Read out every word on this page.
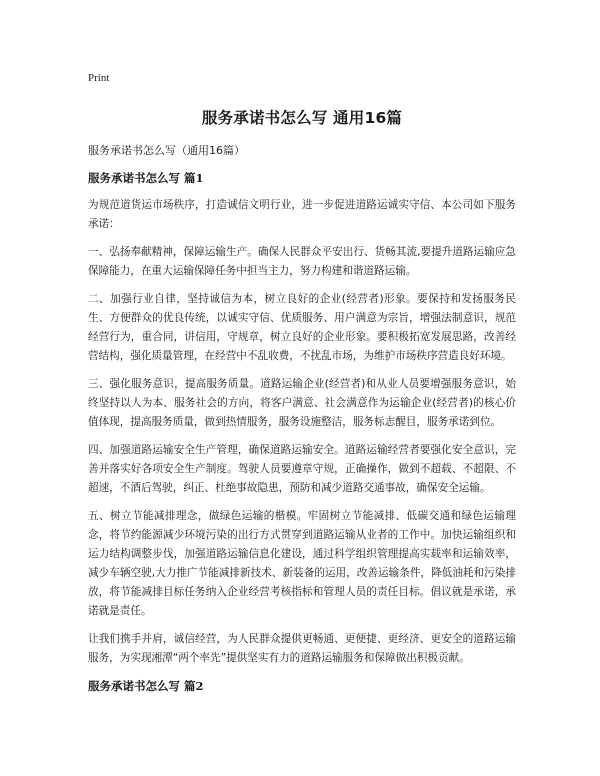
Print
服务承诺书怎么写 通用16篇

服务承诺书怎么写（通用16篇）

服务承诺书怎么写 篇1

为规范道货运市场秩序，打造诚信文明行业，进一步促进道路运诚实守信、本公司如下服务承诺：

一、弘扬奉献精神，保障运输生产。确保人民群众平安出行、货畅其流,要提升道路运输应急保障能力，在重大运输保障任务中担当主力，努力构建和谐道路运输。

二、加强行业自律，坚持诚信为本，树立良好的企业(经营者)形象。要保持和发扬服务民生、方便群众的优良传统，以诚实守信、优质服务、用户满意为宗旨，增强法制意识，规范经营行为，重合同，讲信用，守规章，树立良好的企业形象。要积极拓宽发展思路，改善经营结构，强化质量管理，在经营中不乱收费，不扰乱市场，为维护市场秩序营造良好环境。

三、强化服务意识，提高服务质量。道路运输企业(经营者)和从业人员要增强服务意识，始终坚持以人为本、服务社会的方向，将客户满意、社会满意作为运输企业(经营者)的核心价值体现，提高服务质量，做到热情服务，服务设施整洁，服务标志醒目，服务承诺到位。

四、加强道路运输安全生产管理，确保道路运输安全。道路运输经营者要强化安全意识，完善并落实好各项安全生产制度。驾驶人员要遵章守规，正确操作，做到不超载、不超限、不超速，不酒后驾驶，纠正、杜绝事故隐患，预防和减少道路交通事故，确保安全运输。

五、树立节能减排理念，做绿色运输的楷模。牢固树立节能减排、低碳交通和绿色运输理念，将节约能源减少环境污染的出行方式贯穿到道路运输从业者的工作中。加快运输组织和运力结构调整步伐，加强道路运输信息化建设，通过科学组织管理提高实载率和运输效率，减少车辆空驶,大力推广节能减排新技术、新装备的运用，改善运输条件，降低油耗和污染排放，将节能减排目标任务纳入企业经营考核指标和管理人员的责任目标。倡议就是承诺，承诺就是责任。

让我们携手并肩，诚信经营，为人民群众提供更畅通、更便捷、更经济、更安全的道路运输服务，为实现湘潭“两个率先”提供坚实有力的道路运输服务和保障做出积极贡献。

服务承诺书怎么写 篇2
